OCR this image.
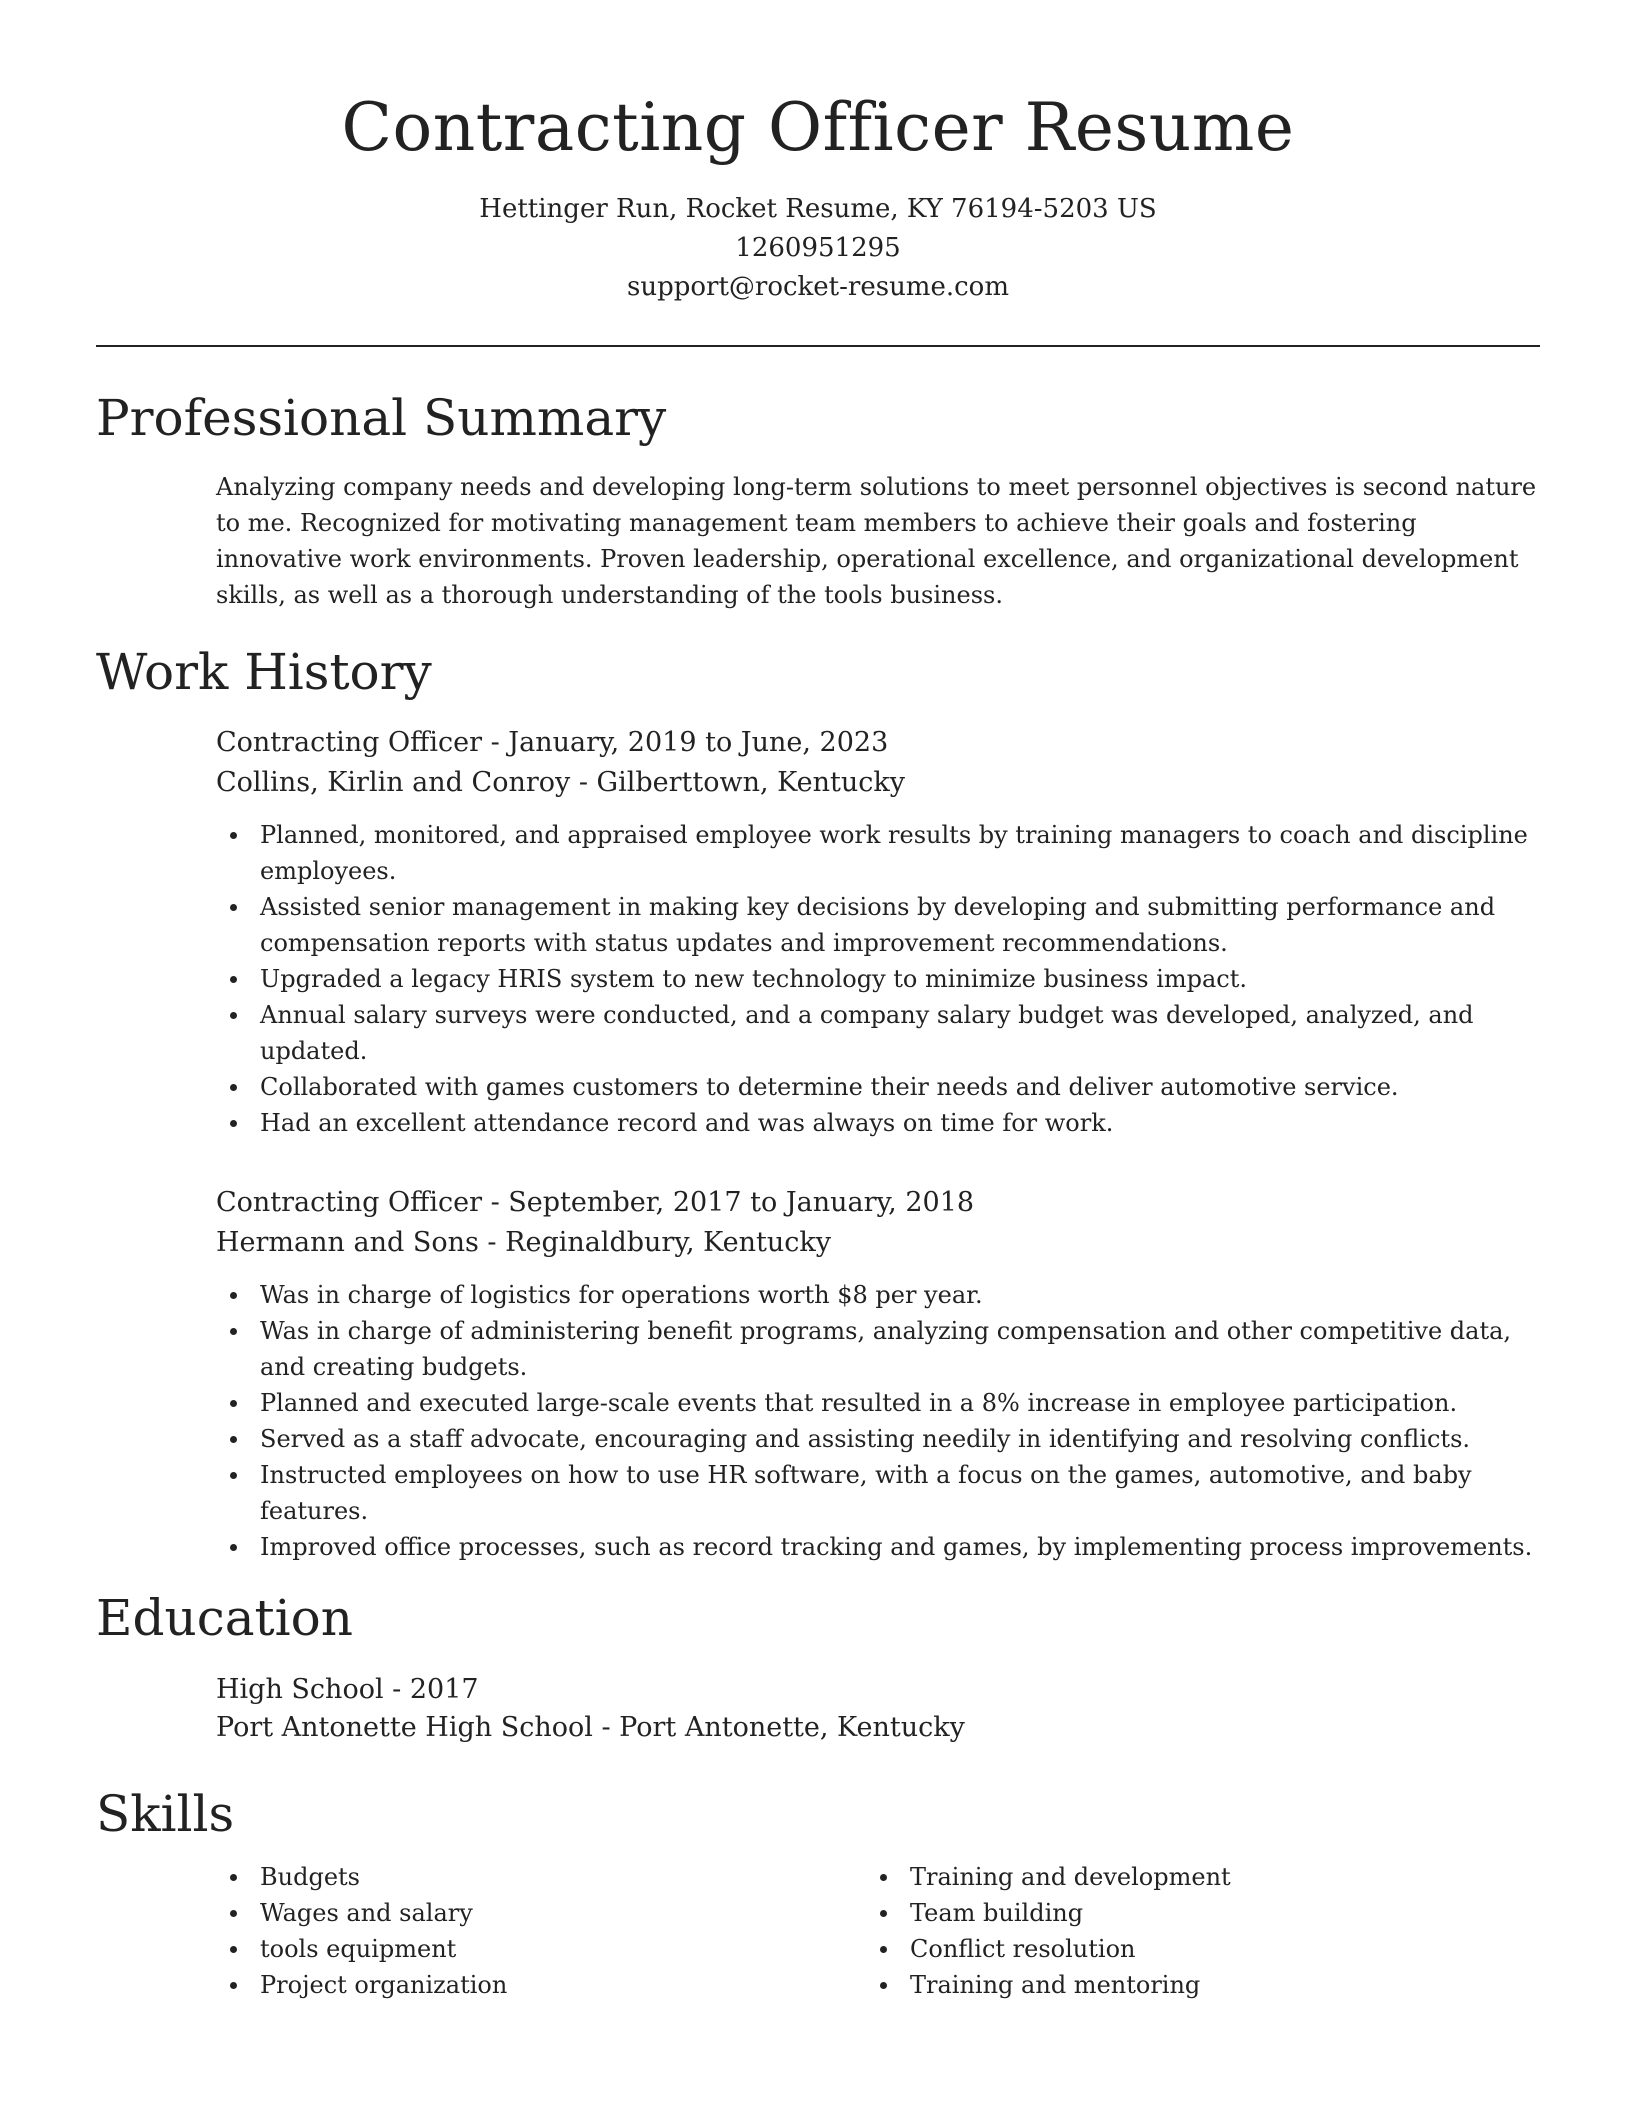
Contracting Officer Resume
Hettinger Run, Rocket Resume, KY 76194-5203 US
1260951295
support@rocket-resume.com
Professional Summary
Analyzing company needs and developing long-term solutions to meet personnel objectives is second nature to me. Recognized for motivating management team members to achieve their goals and fostering innovative work environments. Proven leadership, operational excellence, and organizational development skills, as well as a thorough understanding of the tools business.
Work History
Contracting Officer - January, 2019 to June, 2023
Collins, Kirlin and Conroy - Gilberttown, Kentucky
Planned, monitored, and appraised employee work results by training managers to coach and discipline employees.
Assisted senior management in making key decisions by developing and submitting performance and compensation reports with status updates and improvement recommendations.
Upgraded a legacy HRIS system to new technology to minimize business impact.
Annual salary surveys were conducted, and a company salary budget was developed, analyzed, and updated.
Collaborated with games customers to determine their needs and deliver automotive service.
Had an excellent attendance record and was always on time for work.
Contracting Officer - September, 2017 to January, 2018
Hermann and Sons - Reginaldbury, Kentucky
Was in charge of logistics for operations worth $8 per year.
Was in charge of administering benefit programs, analyzing compensation and other competitive data, and creating budgets.
Planned and executed large-scale events that resulted in a 8% increase in employee participation.
Served as a staff advocate, encouraging and assisting needily in identifying and resolving conflicts.
Instructed employees on how to use HR software, with a focus on the games, automotive, and baby features.
Improved office processes, such as record tracking and games, by implementing process improvements.
Education
High School - 2017
Port Antonette High School - Port Antonette, Kentucky
Skills
Budgets
Wages and salary
tools equipment
Project organization
Training and development
Team building
Conflict resolution
Training and mentoring
